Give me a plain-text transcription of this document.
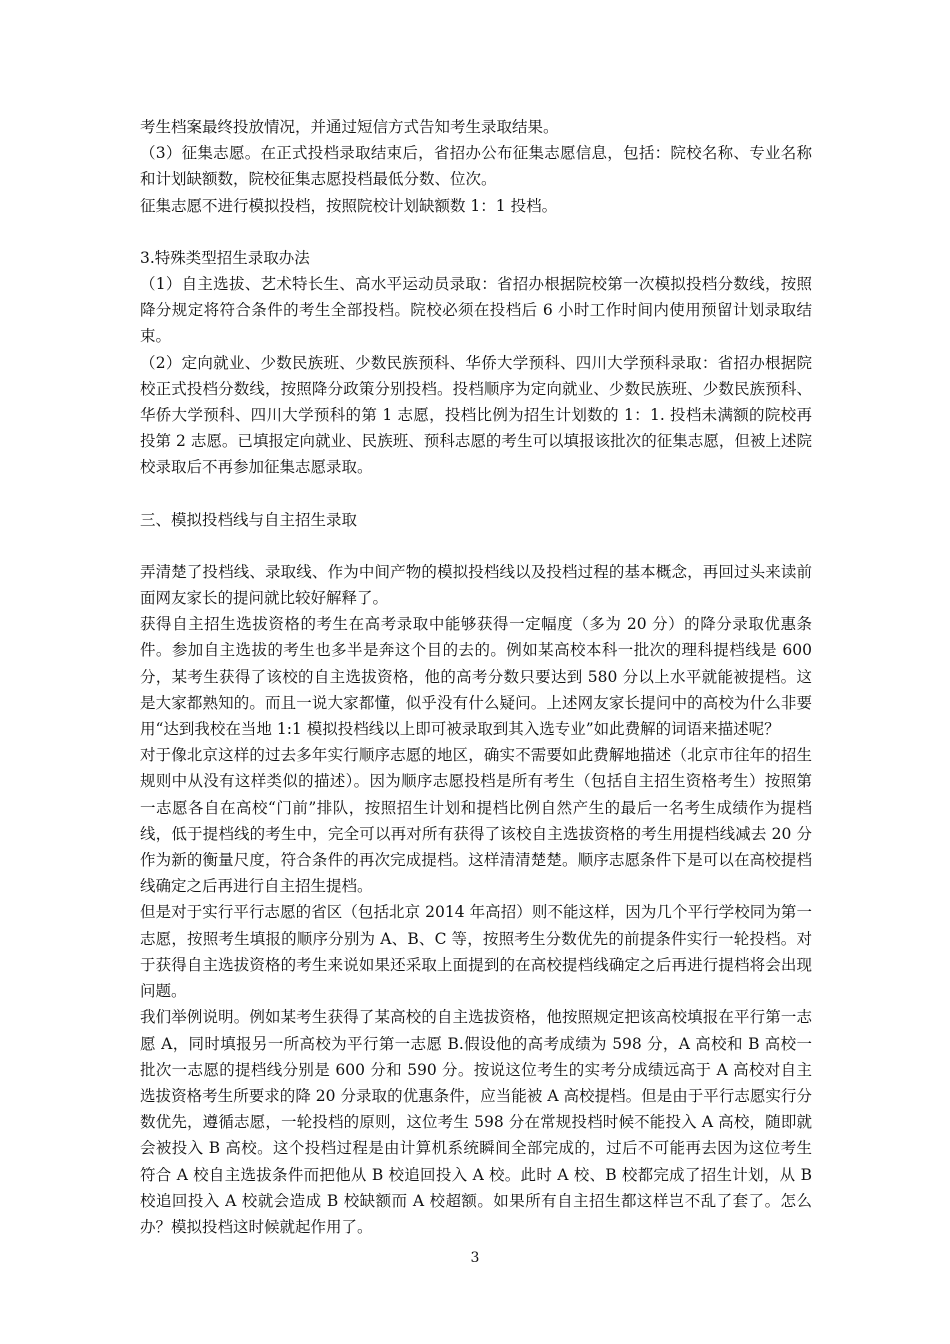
考生档案最终投放情况，并通过短信方式告知考生录取结果。

（3）征集志愿。在正式投档录取结束后，省招办公布征集志愿信息，包括：院校名称、专业名称和计划缺额数，院校征集志愿投档最低分数、位次。

征集志愿不进行模拟投档，按照院校计划缺额数 1：1 投档。

3.特殊类型招生录取办法

（1）自主选拔、艺术特长生、高水平运动员录取：省招办根据院校第一次模拟投档分数线，按照降分规定将符合条件的考生全部投档。院校必须在投档后 6 小时工作时间内使用预留计划录取结束。

（2）定向就业、少数民族班、少数民族预科、华侨大学预科、四川大学预科录取：省招办根据院校正式投档分数线，按照降分政策分别投档。投档顺序为定向就业、少数民族班、少数民族预科、华侨大学预科、四川大学预科的第 1 志愿，投档比例为招生计划数的 1：1. 投档未满额的院校再投第 2 志愿。已填报定向就业、民族班、预科志愿的考生可以填报该批次的征集志愿，但被上述院校录取后不再参加征集志愿录取。

三、模拟投档线与自主招生录取

弄清楚了投档线、录取线、作为中间产物的模拟投档线以及投档过程的基本概念，再回过头来读前面网友家长的提问就比较好解释了。

获得自主招生选拔资格的考生在高考录取中能够获得一定幅度（多为 20 分）的降分录取优惠条件。参加自主选拔的考生也多半是奔这个目的去的。例如某高校本科一批次的理科提档线是 600 分，某考生获得了该校的自主选拔资格，他的高考分数只要达到 580 分以上水平就能被提档。这是大家都熟知的。而且一说大家都懂，似乎没有什么疑问。上述网友家长提问中的高校为什么非要用“达到我校在当地 1:1 模拟投档线以上即可被录取到其入选专业”如此费解的词语来描述呢？

对于像北京这样的过去多年实行顺序志愿的地区，确实不需要如此费解地描述（北京市往年的招生规则中从没有这样类似的描述）。因为顺序志愿投档是所有考生（包括自主招生资格考生）按照第一志愿各自在高校“门前”排队，按照招生计划和提档比例自然产生的最后一名考生成绩作为提档线，低于提档线的考生中，完全可以再对所有获得了该校自主选拔资格的考生用提档线减去 20 分作为新的衡量尺度，符合条件的再次完成提档。这样清清楚楚。顺序志愿条件下是可以在高校提档线确定之后再进行自主招生提档。

但是对于实行平行志愿的省区（包括北京 2014 年高招）则不能这样，因为几个平行学校同为第一志愿，按照考生填报的顺序分别为 A、B、C 等，按照考生分数优先的前提条件实行一轮投档。对于获得自主选拔资格的考生来说如果还采取上面提到的在高校提档线确定之后再进行提档将会出现问题。

我们举例说明。例如某考生获得了某高校的自主选拔资格，他按照规定把该高校填报在平行第一志愿 A，同时填报另一所高校为平行第一志愿 B.假设他的高考成绩为 598 分，A 高校和 B 高校一批次一志愿的提档线分别是 600 分和 590 分。按说这位考生的实考分成绩远高于 A 高校对自主选拔资格考生所要求的降 20 分录取的优惠条件，应当能被 A 高校提档。但是由于平行志愿实行分数优先，遵循志愿，一轮投档的原则，这位考生 598 分在常规投档时候不能投入 A 高校，随即就会被投入 B 高校。这个投档过程是由计算机系统瞬间全部完成的，过后不可能再去因为这位考生符合 A 校自主选拔条件而把他从 B 校追回投入 A 校。此时 A 校、B 校都完成了招生计划，从 B 校追回投入 A 校就会造成 B 校缺额而 A 校超额。如果所有自主招生都这样岂不乱了套了。怎么办？模拟投档这时候就起作用了。

3
